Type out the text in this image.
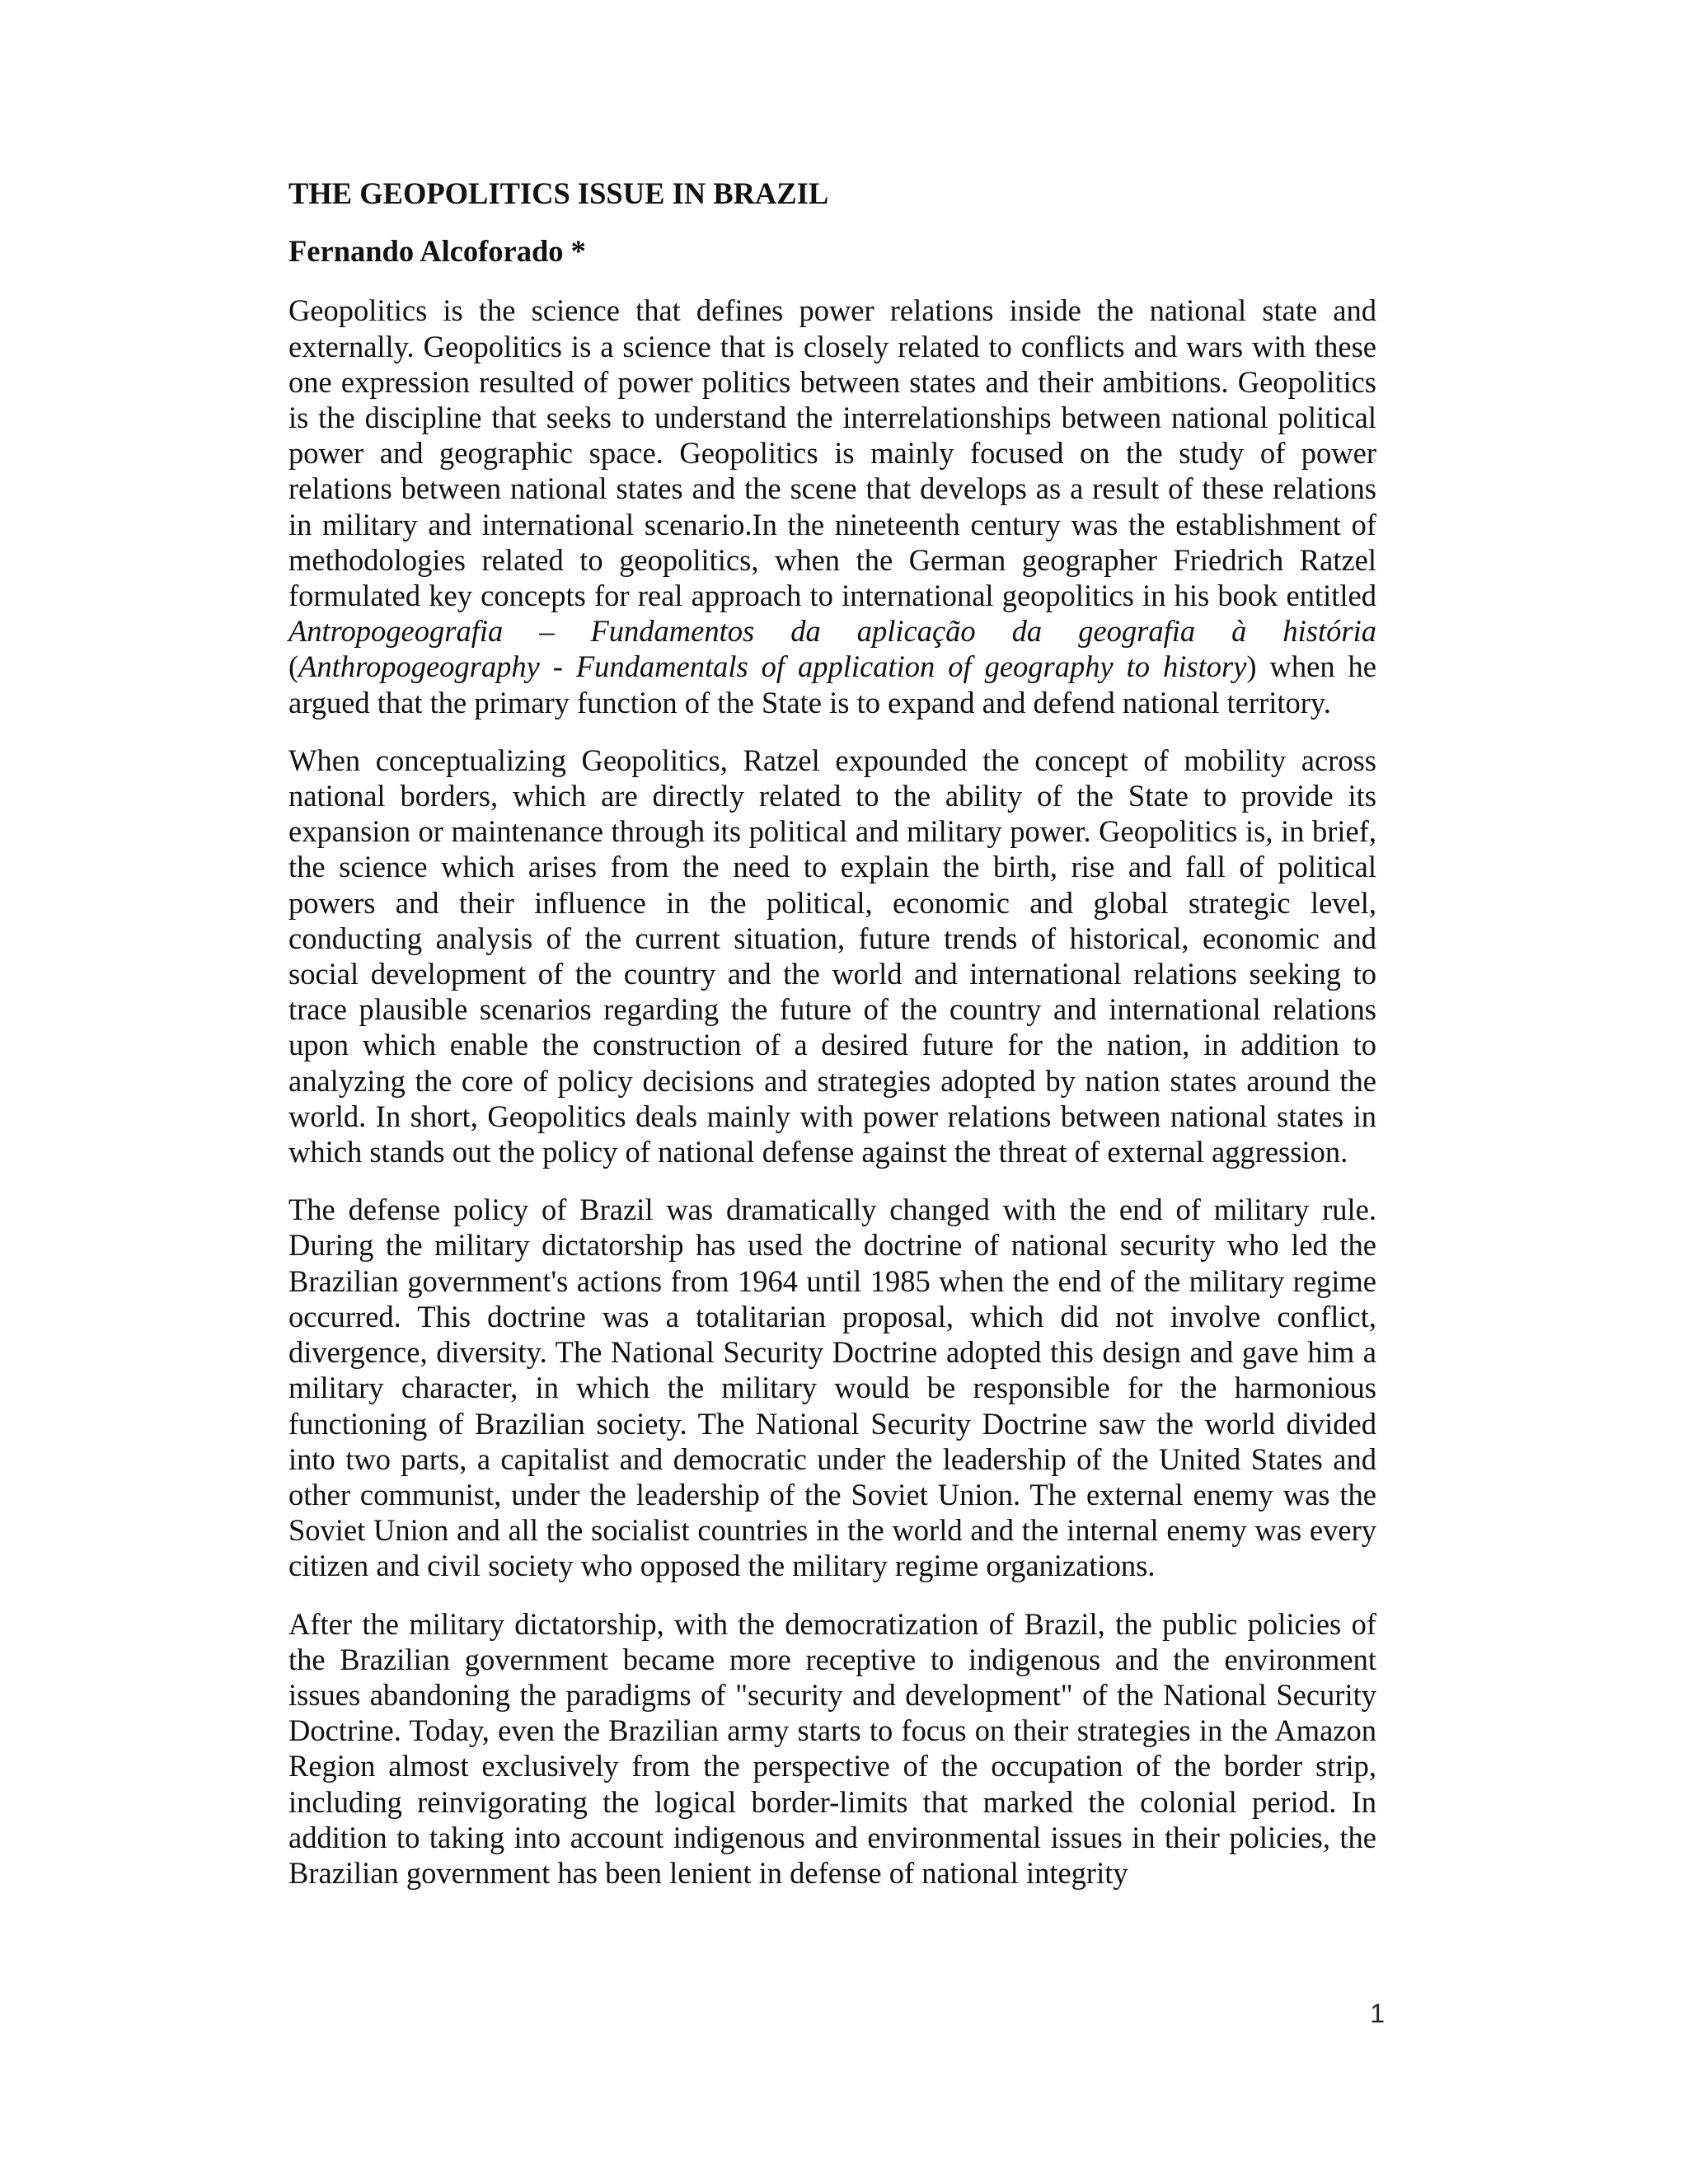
THE GEOPOLITICS ISSUE IN BRAZIL
Fernando Alcoforado *

Geopolitics is the science that defines power relations inside the national state and externally. Geopolitics is a science that is closely related to conflicts and wars with these one expression resulted of power politics between states and their ambitions. Geopolitics is the discipline that seeks to understand the interrelationships between national political power and geographic space. Geopolitics is mainly focused on the study of power relations between national states and the scene that develops as a result of these relations in military and international scenario.In the nineteenth century was the establishment of methodologies related to geopolitics, when the German geographer Friedrich Ratzel formulated key concepts for real approach to international geopolitics in his book entitled Antropogeografia – Fundamentos da aplicação da geografia à história (Anthropogeography - Fundamentals of application of geography to history) when he argued that the primary function of the State is to expand and defend national territory.

When conceptualizing Geopolitics, Ratzel expounded the concept of mobility across national borders, which are directly related to the ability of the State to provide its expansion or maintenance through its political and military power. Geopolitics is, in brief, the science which arises from the need to explain the birth, rise and fall of political powers and their influence in the political, economic and global strategic level, conducting analysis of the current situation, future trends of historical, economic and social development of the country and the world and international relations seeking to trace plausible scenarios regarding the future of the country and international relations upon which enable the construction of a desired future for the nation, in addition to analyzing the core of policy decisions and strategies adopted by nation states around the world. In short, Geopolitics deals mainly with power relations between national states in which stands out the policy of national defense against the threat of external aggression.

The defense policy of Brazil was dramatically changed with the end of military rule. During the military dictatorship has used the doctrine of national security who led the Brazilian government's actions from 1964 until 1985 when the end of the military regime occurred. This doctrine was a totalitarian proposal, which did not involve conflict, divergence, diversity. The National Security Doctrine adopted this design and gave him a military character, in which the military would be responsible for the harmonious functioning of Brazilian society. The National Security Doctrine saw the world divided into two parts, a capitalist and democratic under the leadership of the United States and other communist, under the leadership of the Soviet Union. The external enemy was the Soviet Union and all the socialist countries in the world and the internal enemy was every citizen and civil society who opposed the military regime organizations.

After the military dictatorship, with the democratization of Brazil, the public policies of the Brazilian government became more receptive to indigenous and the environment issues abandoning the paradigms of "security and development" of the National Security Doctrine. Today, even the Brazilian army starts to focus on their strategies in the Amazon Region almost exclusively from the perspective of the occupation of the border strip, including reinvigorating the logical border-limits that marked the colonial period. In addition to taking into account indigenous and environmental issues in their policies, the Brazilian government has been lenient in defense of national integrity

1
